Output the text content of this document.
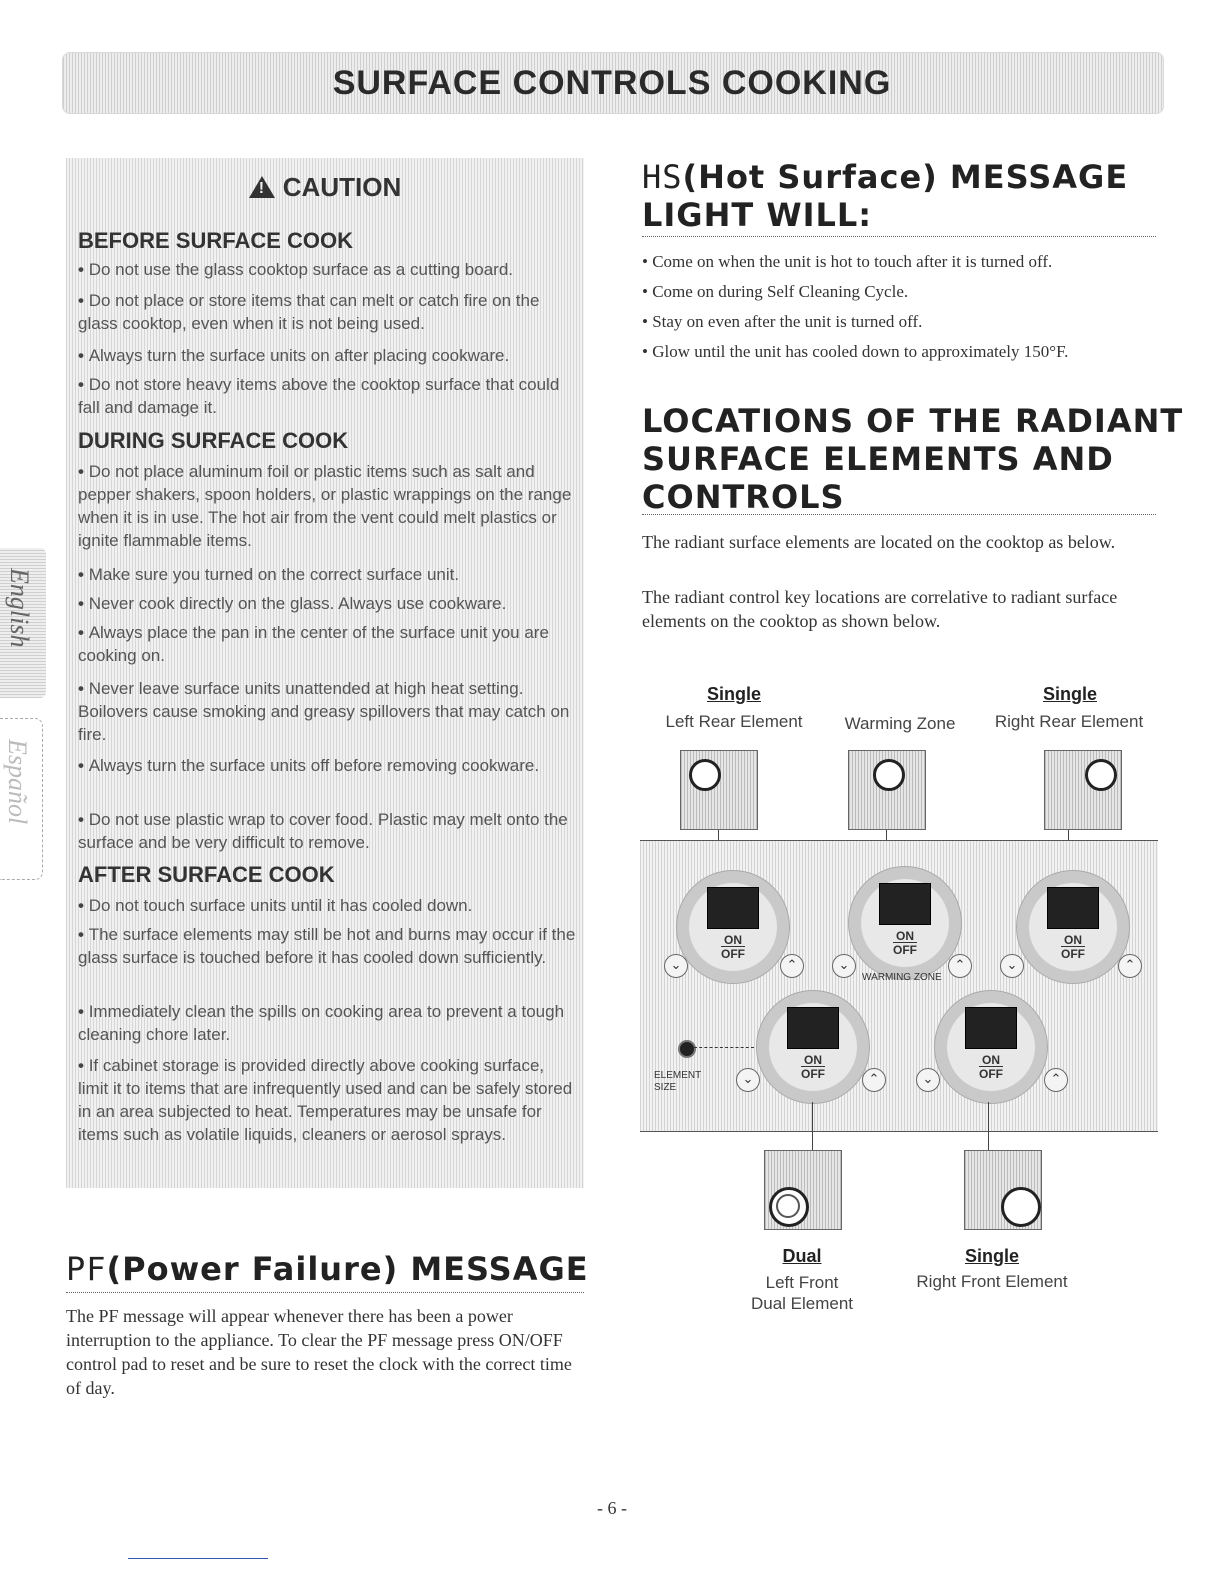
SURFACE CONTROLS COOKING
English
Español
!CAUTION
BEFORE SURFACE COOK
• Do not use the glass cooktop surface as a cutting board.
• Do not place or store items that can melt or catch fire on the glass cooktop, even when it is not being used.
• Always turn the surface units on after placing cookware.
• Do not store heavy items above the cooktop surface that could fall and damage it.
DURING SURFACE COOK
• Do not place aluminum foil or plastic items such as salt and pepper shakers, spoon holders, or plastic wrappings on the range when it is in use. The hot air from the vent could melt plastics or ignite flammable items.
• Make sure you turned on the correct surface unit.
• Never cook directly on the glass. Always use cookware.
• Always place the pan in the center of the surface unit you are cooking on.
• Never leave surface units unattended at high heat setting. Boilovers cause smoking and greasy spillovers that may catch on fire.
• Always turn the surface units off before removing cookware.
• Do not use plastic wrap to cover food. Plastic may melt onto the surface and be very difficult to remove.
AFTER SURFACE COOK
• Do not touch surface units until it has cooled down.
• The surface elements may still be hot and burns may occur if the glass surface is touched before it has cooled down sufficiently.
• Immediately clean the spills on cooking area to prevent a tough cleaning chore later.
• If cabinet storage is provided directly above cooking surface, limit it to items that are infrequently used and can be safely stored in an area subjected to heat. Temperatures may be unsafe for items such as volatile liquids, cleaners or aerosol sprays.
PF(Power Failure) MESSAGE
The PF message will appear whenever there has been a power interruption to the appliance. To clear the PF message press ON/OFF control pad to reset and be sure to reset the clock with the correct time of day.
HS(Hot Surface) MESSAGE
LIGHT WILL:
• Come on when the unit is hot to touch after it is turned off.
• Come on during Self Cleaning Cycle.
• Stay on even after the unit is turned off.
• Glow until the unit has cooled down to approximately 150°F.
LOCATIONS OF THE RADIANT
SURFACE ELEMENTS AND
CONTROLS
The radiant surface elements are located on the cooktop as below.
The radiant control key locations are correlative to radiant surface elements on the cooktop as shown below.
Single
Left Rear Element	Warming Zone
Single
Right Rear Element
ON
$\overline{OFF}$
ON
$\overline{OFF}$
WARMING ZONE
ON
$\overline{OFF}$
ON
$\overline{OFF}$
ON
$\overline{OFF}$
⌄	⌃	⌄	⌃	⌄	⌃
⌄	⌃	⌄	⌃
ELEMENT
SIZE
Dual
Left Front
Dual Element
Single
Right Front Element
- 6 -
